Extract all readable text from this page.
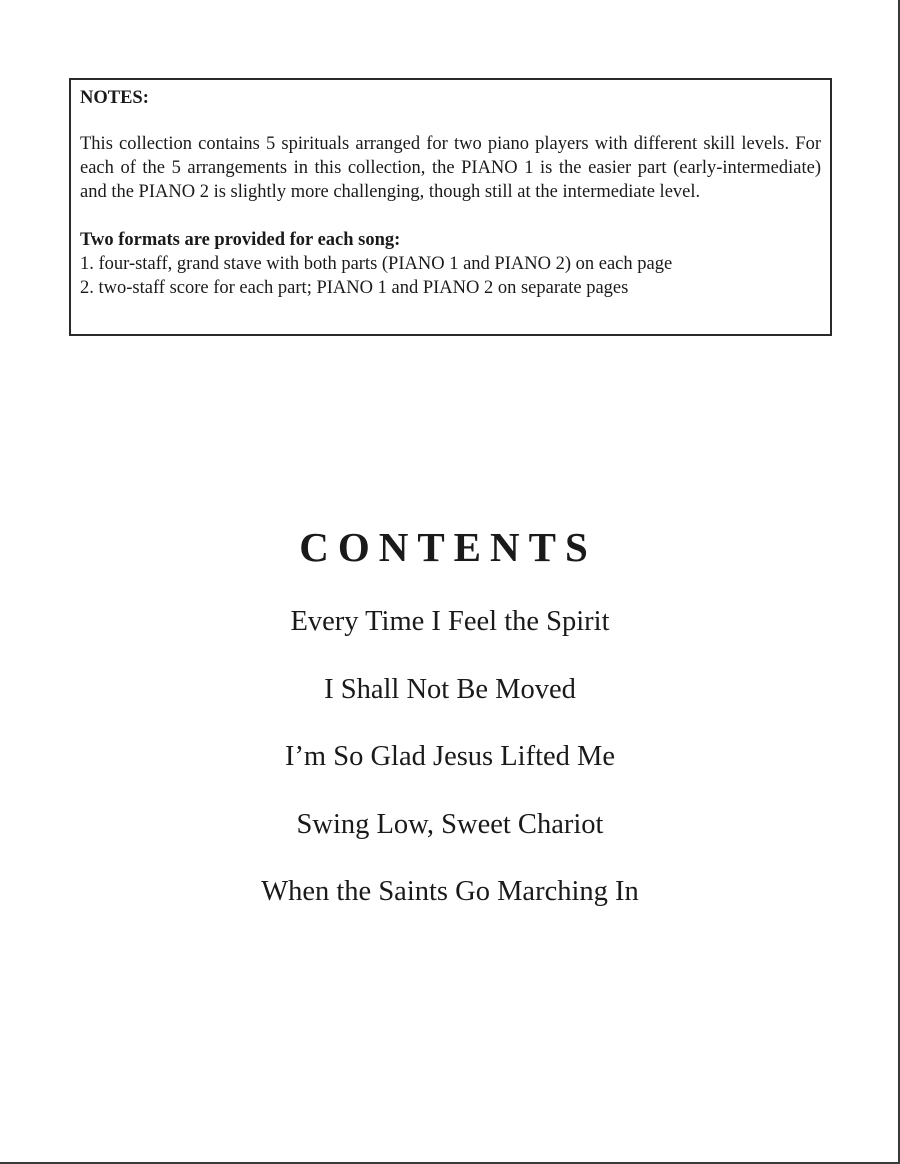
NOTES:

This collection contains 5 spirituals arranged for two piano players with different skill levels. For each of the 5 arrangements in this collection, the PIANO 1 is the easier part (early-intermediate) and the PIANO 2 is slightly more challenging, though still at the intermediate level.

Two formats are provided for each song:

1. four-staff, grand stave with both parts (PIANO 1 and PIANO 2) on each page
2. two-staff score for each part; PIANO 1 and PIANO 2 on separate pages
CONTENTS
Every Time I Feel the Spirit
I Shall Not Be Moved
I’m So Glad Jesus Lifted Me
Swing Low, Sweet Chariot
When the Saints Go Marching In
